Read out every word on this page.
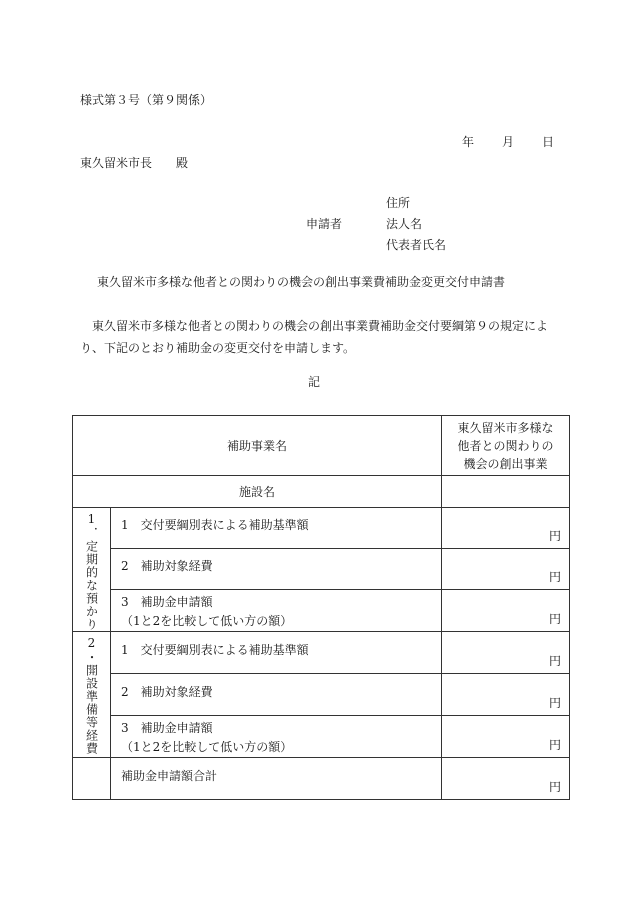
様式第３号（第９関係）
年 月 日
東久留米市長　　殿
申請者
住所
法人名
代表者氏名
東久留米市多様な他者との関わりの機会の創出事業費補助金変更交付申請書
東久留米市多様な他者との関わりの機会の創出事業費補助金交付要綱第９の規定により、下記のとおり補助金の変更交付を申請します。
記
補助事業名		東久留米市多様な
他者との関わりの
機会の創出事業

施設名		

1．定期的な預かり	1　交付要綱別表による補助基準額	円

	2　補助対象経費	円

	3　補助金申請額
（1と2を比較して低い方の額）	円

2・開設準備等経費	1　交付要綱別表による補助基準額	円

	2　補助対象経費	円

	3　補助金申請額
（1と2を比較して低い方の額）	円

	補助金申請額合計	円
